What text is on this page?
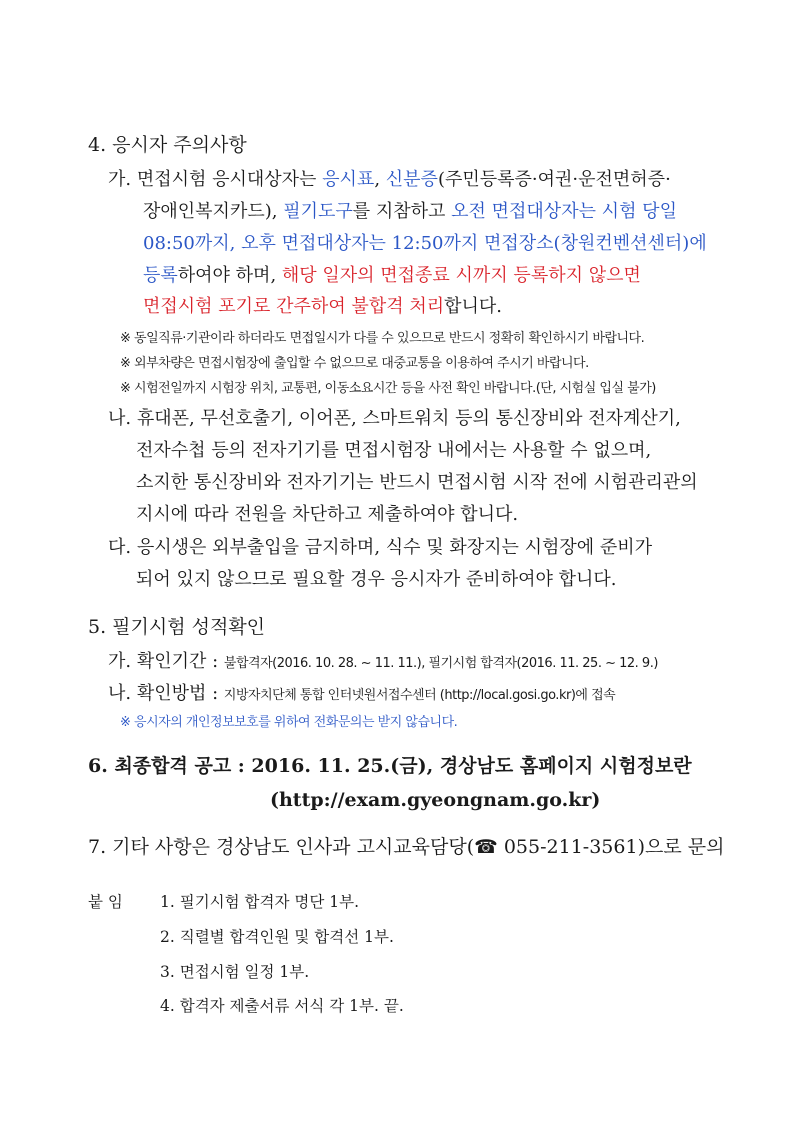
4. 응시자 주의사항
가. 면접시험 응시대상자는 응시표, 신분증(주민등록증·여권·운전면허증·
장애인복지카드), 필기도구를 지참하고 오전 면접대상자는 시험 당일
08:50까지, 오후 면접대상자는 12:50까지 면접장소(창원컨벤션센터)에
등록하여야 하며, 해당 일자의 면접종료 시까지 등록하지 않으면
면접시험 포기로 간주하여 불합격 처리합니다.
※ 동일직류·기관이라 하더라도 면접일시가 다를 수 있으므로 반드시 정확히 확인하시기 바랍니다.
※ 외부차량은 면접시험장에 출입할 수 없으므로 대중교통을 이용하여 주시기 바랍니다.
※ 시험전일까지 시험장 위치, 교통편, 이동소요시간 등을 사전 확인 바랍니다.(단, 시험실 입실 불가)
나. 휴대폰, 무선호출기, 이어폰, 스마트워치 등의 통신장비와 전자계산기,
전자수첩 등의 전자기기를 면접시험장 내에서는 사용할 수 없으며,
소지한 통신장비와 전자기기는 반드시 면접시험 시작 전에 시험관리관의
지시에 따라 전원을 차단하고 제출하여야 합니다.
다. 응시생은 외부출입을 금지하며, 식수 및 화장지는 시험장에 준비가
되어 있지 않으므로 필요할 경우 응시자가 준비하여야 합니다.
5. 필기시험 성적확인
가. 확인기간 : 불합격자(2016. 10. 28. ~ 11. 11.), 필기시험 합격자(2016. 11. 25. ~ 12. 9.)
나. 확인방법 : 지방자치단체 통합 인터넷원서접수센터 (http://local.gosi.go.kr)에 접속
※ 응시자의 개인정보보호를 위하여 전화문의는 받지 않습니다.
6. 최종합격 공고 : 2016. 11. 25.(금), 경상남도 홈페이지 시험정보란
(http://exam.gyeongnam.go.kr)
7. 기타 사항은 경상남도 인사과 고시교육담당(☎ 055-211-3561)으로 문의
붙 임 1. 필기시험 합격자 명단 1부.
2. 직렬별 합격인원 및 합격선 1부.
3. 면접시험 일정 1부.
4. 합격자 제출서류 서식 각 1부. 끝.
